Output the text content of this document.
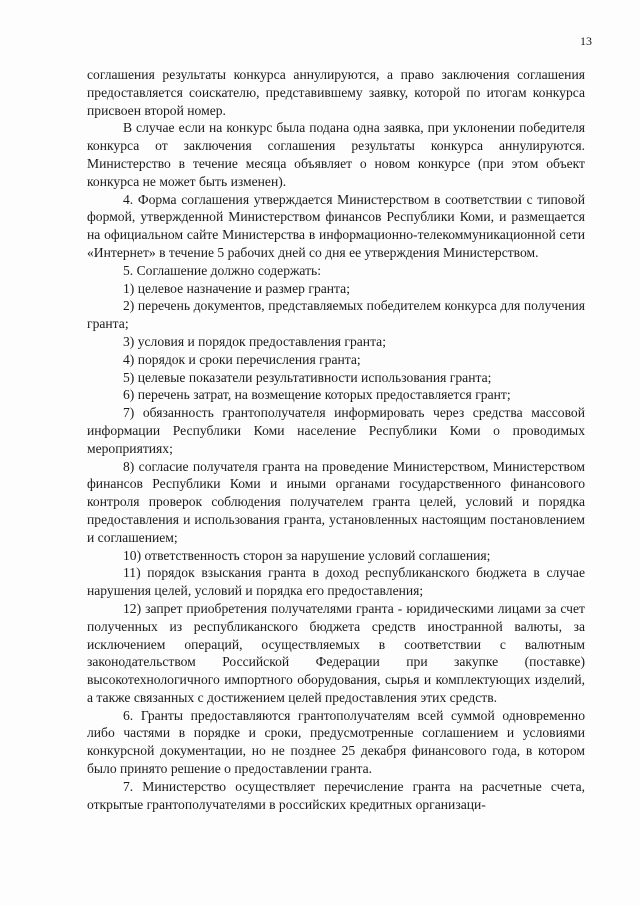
13

соглашения результаты конкурса аннулируются, а право заключения соглашения предоставляется соискателю, представившему заявку, которой по итогам конкурса присвоен второй номер.

В случае если на конкурс была подана одна заявка, при уклонении победителя конкурса от заключения соглашения результаты конкурса аннулируются. Министерство в течение месяца объявляет о новом конкурсе (при этом объект конкурса не может быть изменен).

4. Форма соглашения утверждается Министерством в соответствии с типовой формой, утвержденной Министерством финансов Республики Коми, и размещается на официальном сайте Министерства в информационно-телекоммуникационной сети «Интернет» в течение 5 рабочих дней со дня ее утверждения Министерством.

5. Соглашение должно содержать:

1) целевое назначение и размер гранта;

2) перечень документов, представляемых победителем конкурса для получения гранта;

3) условия и порядок предоставления гранта;

4) порядок и сроки перечисления гранта;

5) целевые показатели результативности использования гранта;

6) перечень затрат, на возмещение которых предоставляется грант;

7) обязанность грантополучателя информировать через средства массовой информации Республики Коми население Республики Коми о проводимых мероприятиях;

8) согласие получателя гранта на проведение Министерством, Министерством финансов Республики Коми и иными органами государственного финансового контроля проверок соблюдения получателем гранта целей, условий и порядка предоставления и использования гранта, установленных настоящим постановлением и соглашением;

10) ответственность сторон за нарушение условий соглашения;

11) порядок взыскания гранта в доход республиканского бюджета в случае нарушения целей, условий и порядка его предоставления;

12) запрет приобретения получателями гранта - юридическими лицами за счет полученных из республиканского бюджета средств иностранной валюты, за исключением операций, осуществляемых в соответствии с валютным законодательством Российской Федерации при закупке (поставке) высокотехнологичного импортного оборудования, сырья и комплектующих изделий, а также связанных с достижением целей предоставления этих средств.

6. Гранты предоставляются грантополучателям всей суммой одновременно либо частями в порядке и сроки, предусмотренные соглашением и условиями конкурсной документации, но не позднее 25 декабря финансового года, в котором было принято решение о предоставлении гранта.

7. Министерство осуществляет перечисление гранта на расчетные счета, открытые грантополучателями в российских кредитных организаци-
